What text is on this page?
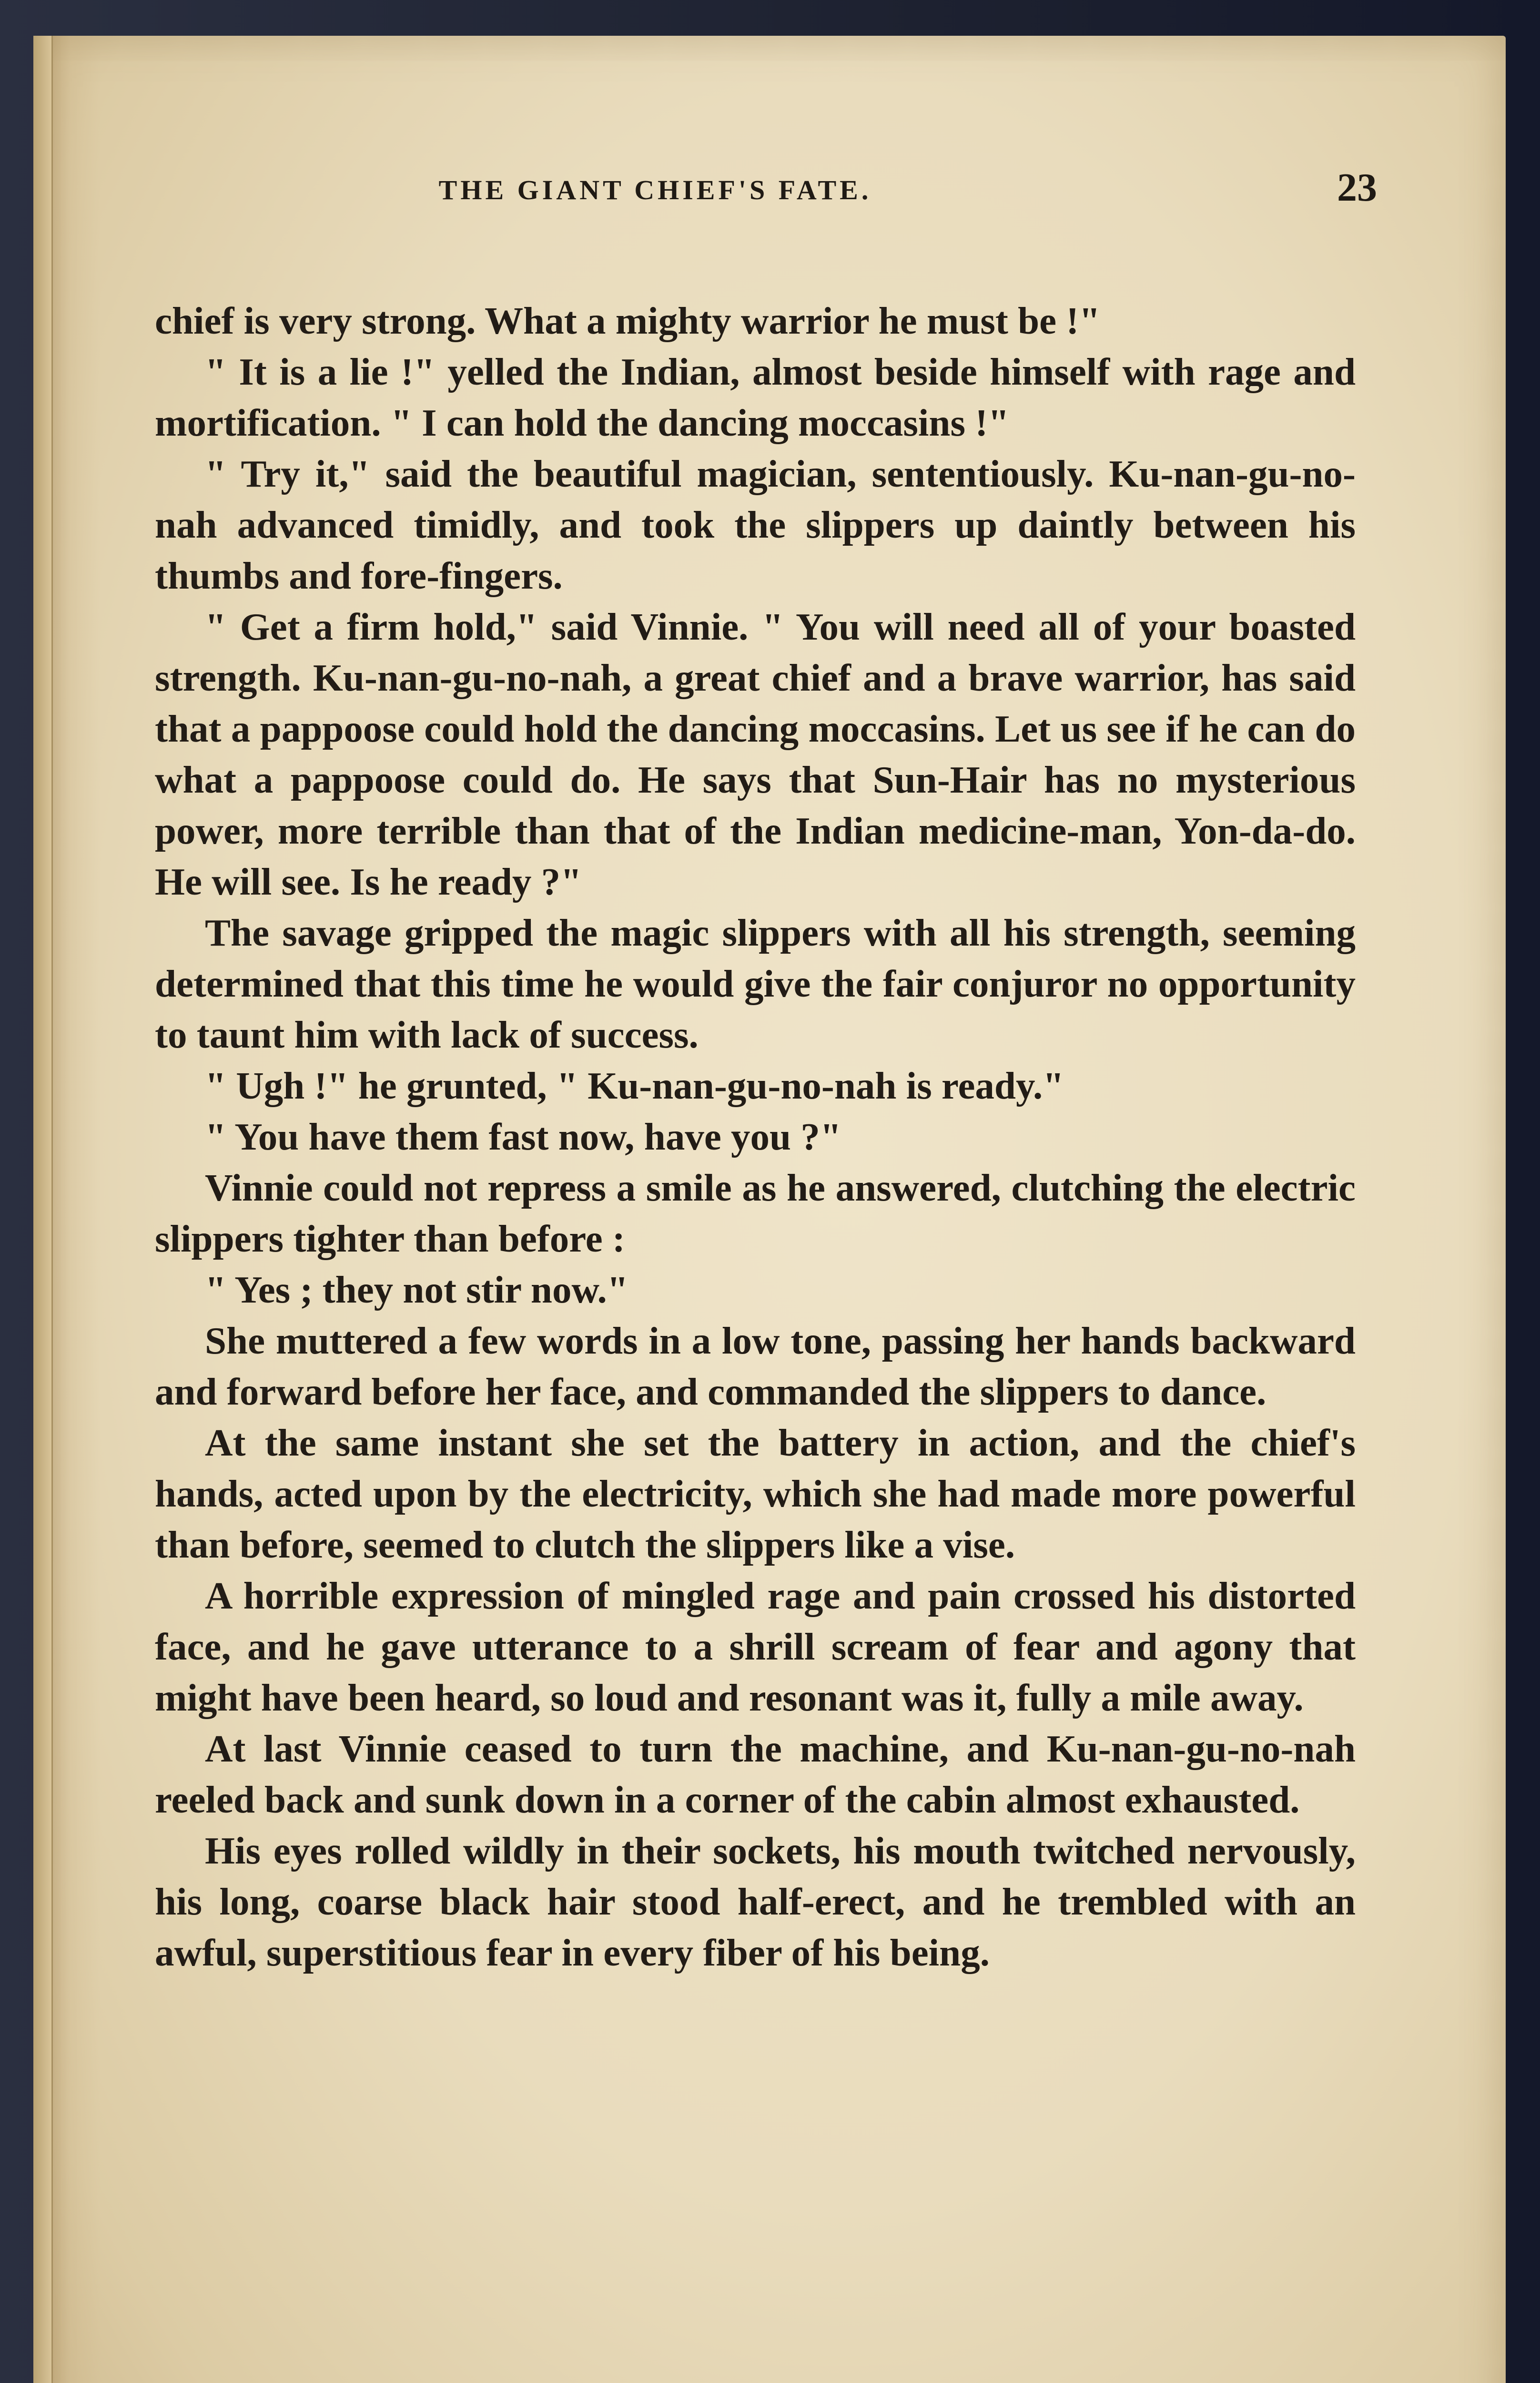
THE GIANT CHIEF'S FATE.	23

chief is very strong. What a mighty warrior he must be !"

" It is a lie !" yelled the Indian, almost beside himself with rage and mortification. " I can hold the dancing moccasins !"

" Try it," said the beautiful magician, sententiously. Ku-nan-gu-no-nah advanced timidly, and took the slippers up daintly between his thumbs and fore-fingers.

" Get a firm hold," said Vinnie. " You will need all of your boasted strength. Ku-nan-gu-no-nah, a great chief and a brave warrior, has said that a pappoose could hold the dancing moccasins. Let us see if he can do what a pappoose could do. He says that Sun-Hair has no mysterious power, more terrible than that of the Indian medicine-man, Yon-da-do. He will see. Is he ready ?"

The savage gripped the magic slippers with all his strength, seeming determined that this time he would give the fair conjuror no opportunity to taunt him with lack of success.

" Ugh !" he grunted, " Ku-nan-gu-no-nah is ready."

" You have them fast now, have you ?"

Vinnie could not repress a smile as he answered, clutching the electric slippers tighter than before :

" Yes ; they not stir now."

She muttered a few words in a low tone, passing her hands backward and forward before her face, and commanded the slippers to dance.

At the same instant she set the battery in action, and the chief's hands, acted upon by the electricity, which she had made more powerful than before, seemed to clutch the slippers like a vise.

A horrible expression of mingled rage and pain crossed his distorted face, and he gave utterance to a shrill scream of fear and agony that might have been heard, so loud and resonant was it, fully a mile away.

At last Vinnie ceased to turn the machine, and Ku-nan-gu-no-nah reeled back and sunk down in a corner of the cabin almost exhausted.

His eyes rolled wildly in their sockets, his mouth twitched nervously, his long, coarse black hair stood half-erect, and he trembled with an awful, superstitious fear in every fiber of his being.
